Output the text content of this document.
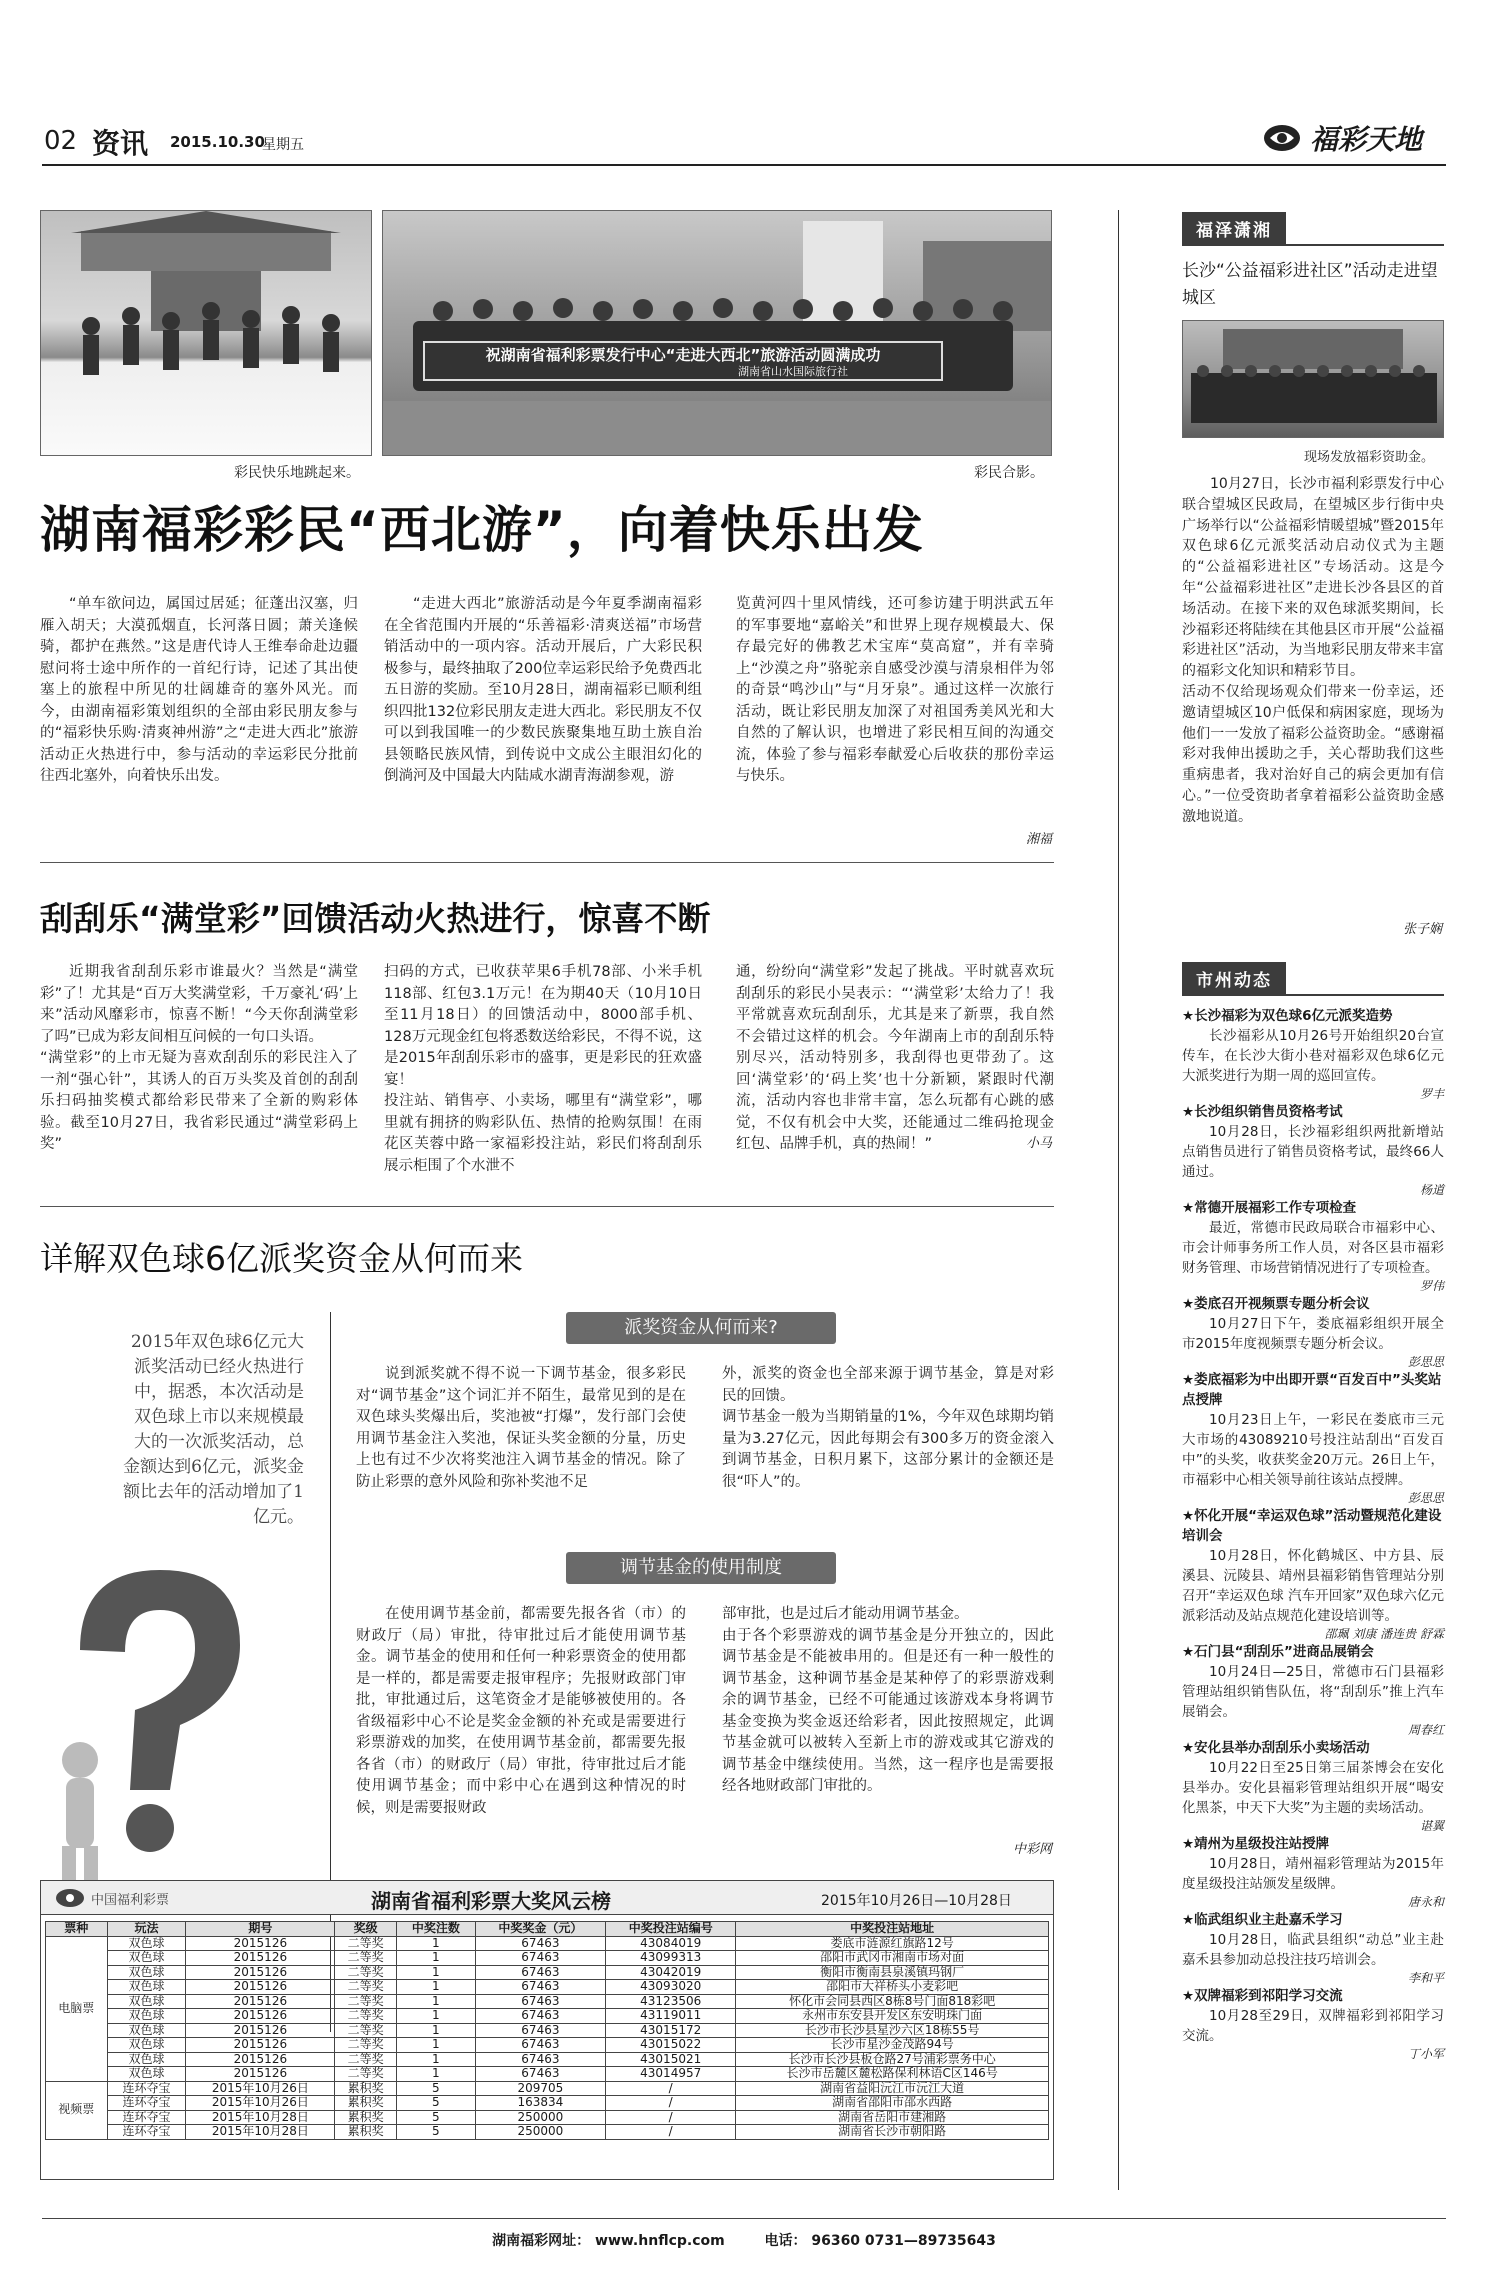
02 资讯 2015.10.30
星期五	福彩天地
祝湖南省福利彩票发行中心“走进大西北”旅游活动圆满成功
湖南省山水国际旅行社
彩民快乐地跳起来。	彩民合影。
湖南福彩彩民“西北游”，向着快乐出发
“单车欲问边，属国过居延；征蓬出汉塞，归雁入胡天；大漠孤烟直，长河落日圆；萧关逢候骑，都护在燕然。”这是唐代诗人王维奉命赴边疆慰问将士途中所作的一首纪行诗，记述了其出使塞上的旅程中所见的壮阔雄奇的塞外风光。而今，由湖南福彩策划组织的全部由彩民朋友参与的“福彩快乐购·清爽神州游”之“走进大西北”旅游活动正火热进行中，参与活动的幸运彩民分批前往西北塞外，向着快乐出发。
“走进大西北”旅游活动是今年夏季湖南福彩在全省范围内开展的“乐善福彩·清爽送福”市场营销活动中的一项内容。活动开展后，广大彩民积极参与，最终抽取了200位幸运彩民给予免费西北五日游的奖励。至10月28日，湖南福彩已顺利组织四批132位彩民朋友走进大西北。彩民朋友不仅可以到我国唯一的少数民族聚集地互助土族自治县领略民族风情，到传说中文成公主眼泪幻化的倒淌河及中国最大内陆咸水湖青海湖参观，游
览黄河四十里风情线，还可参访建于明洪武五年的军事要地“嘉峪关”和世界上现存规模最大、保存最完好的佛教艺术宝库“莫高窟”，并有幸骑上“沙漠之舟”骆驼亲自感受沙漠与清泉相伴为邻的奇景“鸣沙山”与“月牙泉”。通过这样一次旅行活动，既让彩民朋友加深了对祖国秀美风光和大自然的了解认识，也增进了彩民相互间的沟通交流，体验了参与福彩奉献爱心后收获的那份幸运与快乐。
湘福
刮刮乐“满堂彩”回馈活动火热进行，惊喜不断
近期我省刮刮乐彩市谁最火？当然是“满堂彩”了！尤其是“百万大奖满堂彩，千万豪礼‘码’上来”活动风靡彩市，惊喜不断！“今天你刮满堂彩了吗”已成为彩友间相互问候的一句口头语。
“满堂彩”的上市无疑为喜欢刮刮乐的彩民注入了一剂“强心针”，其诱人的百万头奖及首创的刮刮乐扫码抽奖模式都给彩民带来了全新的购彩体验。截至10月27日，我省彩民通过“满堂彩码上奖”
扫码的方式，已收获苹果6手机78部、小米手机118部、红包3.1万元！在为期40天（10月10日至11月18日）的回馈活动中，8000部手机、128万元现金红包将悉数送给彩民，不得不说，这是2015年刮刮乐彩市的盛事，更是彩民的狂欢盛宴！
投注站、销售亭、小卖场，哪里有“满堂彩”，哪里就有拥挤的购彩队伍、热情的抢购氛围！在雨花区芙蓉中路一家福彩投注站，彩民们将刮刮乐展示柜围了个水泄不
通，纷纷向“满堂彩”发起了挑战。平时就喜欢玩刮刮乐的彩民小吴表示：“‘满堂彩’太给力了！我平常就喜欢玩刮刮乐，尤其是来了新票，我自然不会错过这样的机会。今年湖南上市的刮刮乐特别尽兴，活动特别多，我刮得也更带劲了。这回‘满堂彩’的‘码上奖’也十分新颖，紧跟时代潮流，活动内容也非常丰富，怎么玩都有心跳的感觉，不仅有机会中大奖，还能通过二维码抢现金红包、品牌手机，真的热闹！”	小马
详解双色球6亿派奖资金从何而来
2015年双色球6亿元大派奖活动已经火热进行中，据悉，本次活动是双色球上市以来规模最大的一次派奖活动，总金额达到6亿元，派奖金额比去年的活动增加了1亿元。
派奖资金从何而来?
说到派奖就不得不说一下调节基金，很多彩民对“调节基金”这个词汇并不陌生，最常见到的是在双色球头奖爆出后，奖池被“打爆”，发行部门会使用调节基金注入奖池，保证头奖金额的分量，历史上也有过不少次将奖池注入调节基金的情况。除了防止彩票的意外风险和弥补奖池不足
外，派奖的资金也全部来源于调节基金，算是对彩民的回馈。
调节基金一般为当期销量的1%，今年双色球期均销量为3.27亿元，因此每期会有300多万的资金滚入到调节基金，日积月累下，这部分累计的金额还是很“吓人”的。
调节基金的使用制度
在使用调节基金前，都需要先报各省（市）的财政厅（局）审批，待审批过后才能使用调节基金。调节基金的使用和任何一种彩票资金的使用都是一样的，都是需要走报审程序；先报财政部门审批，审批通过后，这笔资金才是能够被使用的。各省级福彩中心不论是奖金金额的补充或是需要进行彩票游戏的加奖，在使用调节基金前，都需要先报各省（市）的财政厅（局）审批，待审批过后才能使用调节基金；而中彩中心在遇到这种情况的时候，则是需要报财政
部审批，也是过后才能动用调节基金。
由于各个彩票游戏的调节基金是分开独立的，因此调节基金是不能被串用的。但是还有一种一般性的调节基金，这种调节基金是某种停了的彩票游戏剩余的调节基金，已经不可能通过该游戏本身将调节基金变换为奖金返还给彩者，因此按照规定，此调节基金就可以被转入至新上市的游戏或其它游戏的调节基金中继续使用。当然，这一程序也是需要报经各地财政部门审批的。
中彩网
中国福利彩票	湖南省福利彩票大奖风云榜	2015年10月26日—10月28日
票种	玩法	期号	奖级	中奖注数	中奖奖金（元）	中奖投注站编号	中奖投注站地址
电脑票	双色球	2015126	二等奖	1	67463	43084019	娄底市涟源红旗路12号
	双色球	2015126	二等奖	1	67463	43099313	邵阳市武冈市湘南市场对面
	双色球	2015126	二等奖	1	67463	43042019	衡阳市衡南县泉溪镇玛钢厂
	双色球	2015126	二等奖	1	67463	43093020	邵阳市大祥桥头小麦彩吧
	双色球	2015126	二等奖	1	67463	43123506	怀化市会同县西区8栋8号门面818彩吧
	双色球	2015126	二等奖	1	67463	43119011	永州市东安县开发区东安明珠门面
	双色球	2015126	二等奖	1	67463	43015172	长沙市长沙县星沙六区18栋55号
	双色球	2015126	二等奖	1	67463	43015022	长沙市星沙金茂路94号
	双色球	2015126	二等奖	1	67463	43015021	长沙市长沙县板仓路27号浦彩票务中心
	双色球	2015126	二等奖	1	67463	43014957	长沙市岳麓区麓松路保利林语C区146号
视频票	连环夺宝	2015年10月26日	累积奖	5	209705	/	湖南省益阳沅江市沅江大道
	连环夺宝	2015年10月26日	累积奖	5	163834	/	湖南省邵阳市邵水西路
	连环夺宝	2015年10月28日	累积奖	5	250000	/	湖南省岳阳市建湘路
	连环夺宝	2015年10月28日	累积奖	5	250000	/	湖南省长沙市朝阳路
福泽潇湘
长沙“公益福彩进社区”活动走进望城区
现场发放福彩资助金。
10月27日，长沙市福利彩票发行中心联合望城区民政局，在望城区步行街中央广场举行以“公益福彩情暖望城”暨2015年双色球6亿元派奖活动启动仪式为主题的“公益福彩进社区”专场活动。这是今年“公益福彩进社区”走进长沙各县区的首场活动。在接下来的双色球派奖期间，长沙福彩还将陆续在其他县区市开展“公益福彩进社区”活动，为当地彩民朋友带来丰富的福彩文化知识和精彩节目。
活动不仅给现场观众们带来一份幸运，还邀请望城区10户低保和病困家庭，现场为他们一一发放了福彩公益资助金。“感谢福彩对我伸出援助之手，关心帮助我们这些重病患者，我对治好自己的病会更加有信心。”一位受资助者拿着福彩公益资助金感激地说道。
张子娴
市州动态
★长沙福彩为双色球6亿元派奖造势
长沙福彩从10月26号开始组织20台宣传车，在长沙大街小巷对福彩双色球6亿元大派奖进行为期一周的巡回宣传。
罗丰
★长沙组织销售员资格考试
10月28日，长沙福彩组织两批新增站点销售员进行了销售员资格考试，最终66人通过。
杨道
★常德开展福彩工作专项检查
最近，常德市民政局联合市福彩中心、市会计师事务所工作人员，对各区县市福彩财务管理、市场营销情况进行了专项检查。
罗伟
★娄底召开视频票专题分析会议
10月27日下午，娄底福彩组织开展全市2015年度视频票专题分析会议。
彭思思
★娄底福彩为中出即开票“百发百中”头奖站点授牌
10月23日上午，一彩民在娄底市三元大市场的43089210号投注站刮出“百发百中”的头奖，收获奖金20万元。26日上午，市福彩中心相关领导前往该站点授牌。
彭思思
★怀化开展“幸运双色球”活动暨规范化建设培训会
10月28日，怀化鹤城区、中方县、辰溪县、沅陵县、靖州县福彩销售管理站分别召开“幸运双色球 汽车开回家”双色球六亿元派彩活动及站点规范化建设培训等。
邵珮 刘康 潘连贵 舒霖
★石门县“刮刮乐”进商品展销会
10月24日—25日，常德市石门县福彩管理站组织销售队伍，将“刮刮乐”推上汽车展销会。
周春红
★安化县举办刮刮乐小卖场活动
10月22日至25日第三届茶博会在安化县举办。安化县福彩管理站组织开展“喝安化黑茶，中天下大奖”为主题的卖场活动。
谌翼
★靖州为星级投注站授牌
10月28日，靖州福彩管理站为2015年度星级投注站颁发星级牌。
唐永和
★临武组织业主赴嘉禾学习
10月28日，临武县组织“动总”业主赴嘉禾县参加动总投注技巧培训会。
李和平
★双牌福彩到祁阳学习交流
10月28至29日，双牌福彩到祁阳学习交流。
丁小军
湖南福彩网址： www.hnflcp.com	电话： 96360 0731—89735643
